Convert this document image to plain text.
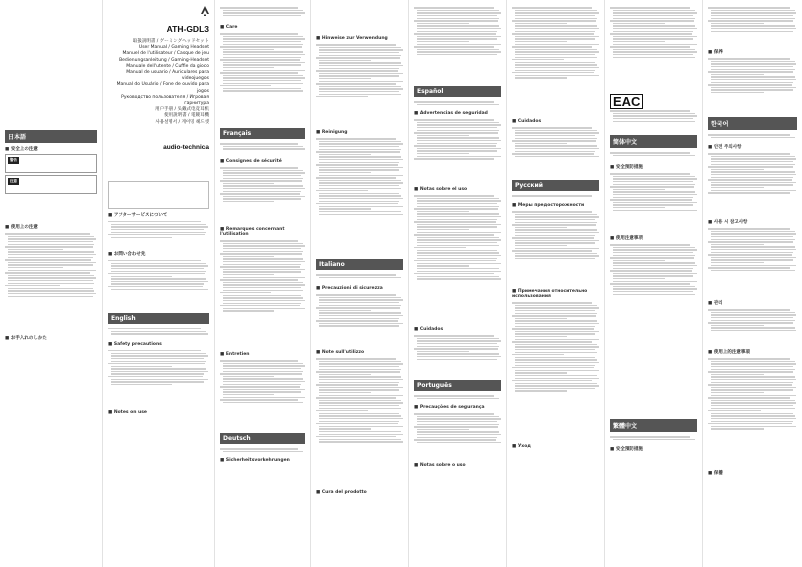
日本語
■ 安全上の注意
警告
注意
■ 使用上の注意
■ お手入れのしかた
ATH-GDL3
取扱説明書 / ゲーミングヘッドセット
User Manual / Gaming Headset
Manuel de l'utilisateur / Casque de jeu
Bedienungsanleitung / Gaming-Headset
Manuale dell'utente / Cuffie da gioco
Manual de usuario / Auriculares para videojuegos
Manual do Usuário / Fone de ouvido para jogos
Руководство пользователя / Игровая гарнитура
用户手册 / 头戴式电竞耳机
使用說明書 / 電競耳機
사용설명서 / 게이밍 헤드셋
audio-technica
■ アフターサービスについて
■ お問い合わせ先
English
■ Safety precautions
■ Notes on use
■ Care
Français
■ Consignes de sécurité
■ Remarques concernant l'utilisation
■ Entretien
Deutsch
■ Sicherheitsvorkehrungen
■ Hinweise zur Verwendung
■ Reinigung
Italiano
■ Precauzioni di sicurezza
■ Note sull'utilizzo
■ Cura del prodotto
Español
■ Advertencias de seguridad
■ Notas sobre el uso
■ Cuidados
Português
■ Precauções de segurança
■ Notas sobre o uso
■ Cuidados
Русский
■ Меры предосторожности
■ Примечания относительно использования
■ Уход
EAC
简体中文
■ 安全预防措施
■ 使用注意事项
繁體中文
■ 安全預防措施
■ 保养
한국어
■ 안전 주의사항
■ 사용 시 참고사항
■ 관리
■ 使用上的注意事項
■ 保養
